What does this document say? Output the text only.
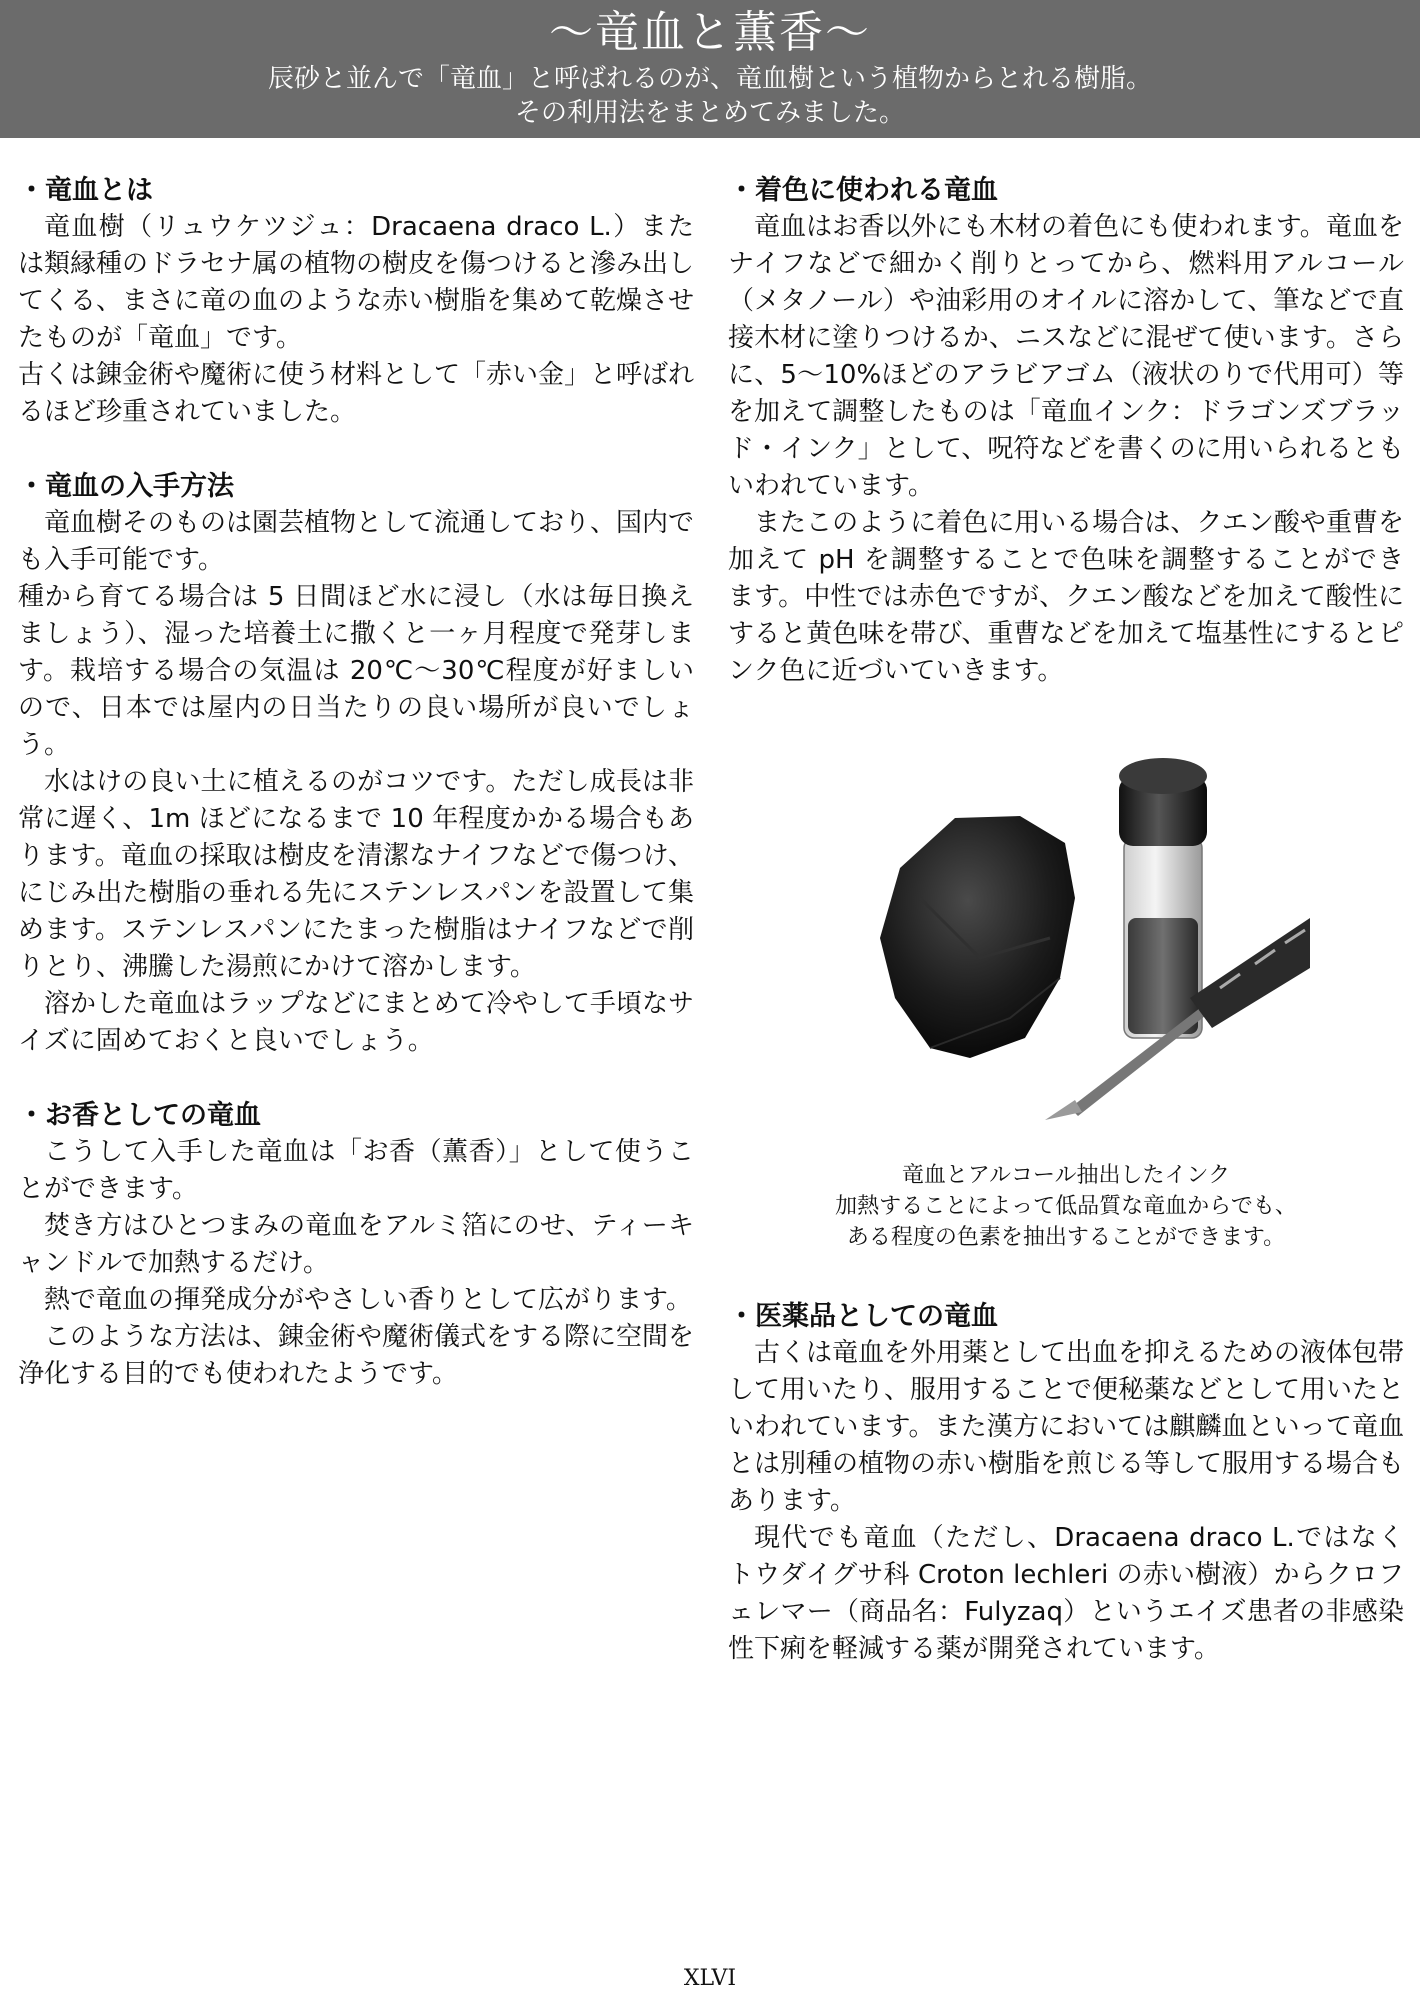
〜竜血と薫香〜
辰砂と並んで「竜血」と呼ばれるのが、竜血樹という植物からとれる樹脂。
その利用法をまとめてみました。
・竜血とは

竜血樹（リュウケツジュ：Dracaena draco L.）または類縁種のドラセナ属の植物の樹皮を傷つけると滲み出してくる、まさに竜の血のような赤い樹脂を集めて乾燥させたものが「竜血」です。

古くは錬金術や魔術に使う材料として「赤い金」と呼ばれるほど珍重されていました。

・竜血の入手方法

竜血樹そのものは園芸植物として流通しており、国内でも入手可能です。

種から育てる場合は 5 日間ほど水に浸し（水は毎日換えましょう）、湿った培養土に撒くと一ヶ月程度で発芽します。栽培する場合の気温は 20℃〜30℃程度が好ましいので、日本では屋内の日当たりの良い場所が良いでしょう。

水はけの良い土に植えるのがコツです。ただし成長は非常に遅く、1m ほどになるまで 10 年程度かかる場合もあります。竜血の採取は樹皮を清潔なナイフなどで傷つけ、にじみ出た樹脂の垂れる先にステンレスパンを設置して集めます。ステンレスパンにたまった樹脂はナイフなどで削りとり、沸騰した湯煎にかけて溶かします。

溶かした竜血はラップなどにまとめて冷やして手頃なサイズに固めておくと良いでしょう。

・お香としての竜血

こうして入手した竜血は「お香（薫香）」として使うことができます。

焚き方はひとつまみの竜血をアルミ箔にのせ、ティーキャンドルで加熱するだけ。

熱で竜血の揮発成分がやさしい香りとして広がります。

このような方法は、錬金術や魔術儀式をする際に空間を浄化する目的でも使われたようです。

・着色に使われる竜血

竜血はお香以外にも木材の着色にも使われます。竜血をナイフなどで細かく削りとってから、燃料用アルコール（メタノール）や油彩用のオイルに溶かして、筆などで直接木材に塗りつけるか、ニスなどに混ぜて使います。さらに、5〜10%ほどのアラビアゴム（液状のりで代用可）等を加えて調整したものは「竜血インク：ドラゴンズブラッド・インク」として、呪符などを書くのに用いられるともいわれています。

またこのように着色に用いる場合は、クエン酸や重曹を加えて pH を調整することで色味を調整することができます。中性では赤色ですが、クエン酸などを加えて酸性にすると黄色味を帯び、重曹などを加えて塩基性にするとピンク色に近づいていきます。

竜血とアルコール抽出したインク
加熱することによって低品質な竜血からでも、
ある程度の色素を抽出することができます。
・医薬品としての竜血

古くは竜血を外用薬として出血を抑えるための液体包帯して用いたり、服用することで便秘薬などとして用いたといわれています。また漢方においては麒麟血といって竜血とは別種の植物の赤い樹脂を煎じる等して服用する場合もあります。

現代でも竜血（ただし、Dracaena draco L.ではなくトウダイグサ科 Croton lechleri の赤い樹液）からクロフェレマー（商品名：Fulyzaq）というエイズ患者の非感染性下痢を軽減する薬が開発されています。

XLVI
